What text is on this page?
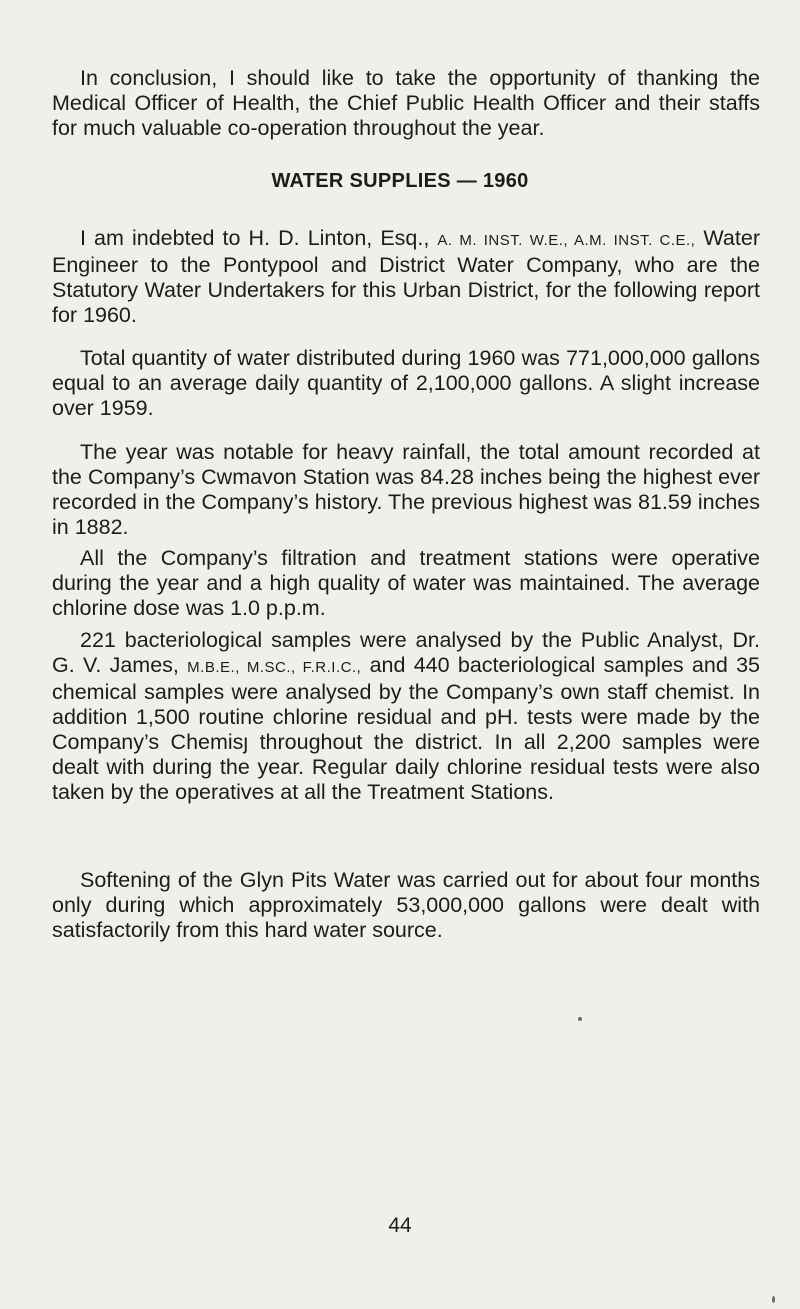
In conclusion, I should like to take the opportunity of thanking the Medical Officer of Health, the Chief Public Health Officer and their staffs for much valuable co-operation throughout the year.

WATER SUPPLIES — 1960

I am indebted to H. D. Linton, Esq., A. M. INST. W.E., A.M. INST. C.E., Water Engineer to the Pontypool and District Water Company, who are the Statutory Water Undertakers for this Urban District, for the following report for 1960.

Total quantity of water distributed during 1960 was 771,000,000 gallons equal to an average daily quantity of 2,100,000 gallons. A slight increase over 1959.

The year was notable for heavy rainfall, the total amount recorded at the Company’s Cwmavon Station was 84.28 inches being the highest ever recorded in the Company’s history. The previous highest was 81.59 inches in 1882.

All the Company’s filtration and treatment stations were operative during the year and a high quality of water was maintained. The average chlorine dose was 1.0 p.p.m.

221 bacteriological samples were analysed by the Public Analyst, Dr. G. V. James, M.B.E., M.SC., F.R.I.C., and 440 bacteriological samples and 35 chemical samples were analysed by the Company’s own staff chemist. In addition 1,500 routine chlorine residual and pH. tests were made by the Company’s Chemisȷ throughout the district. In all 2,200 samples were dealt with during the year. Regular daily chlorine residual tests were also taken by the operatives at all the Treatment Stations.

Softening of the Glyn Pits Water was carried out for about four months only during which approximately 53,000,000 gallons were dealt with satisfactorily from this hard water source.

44
